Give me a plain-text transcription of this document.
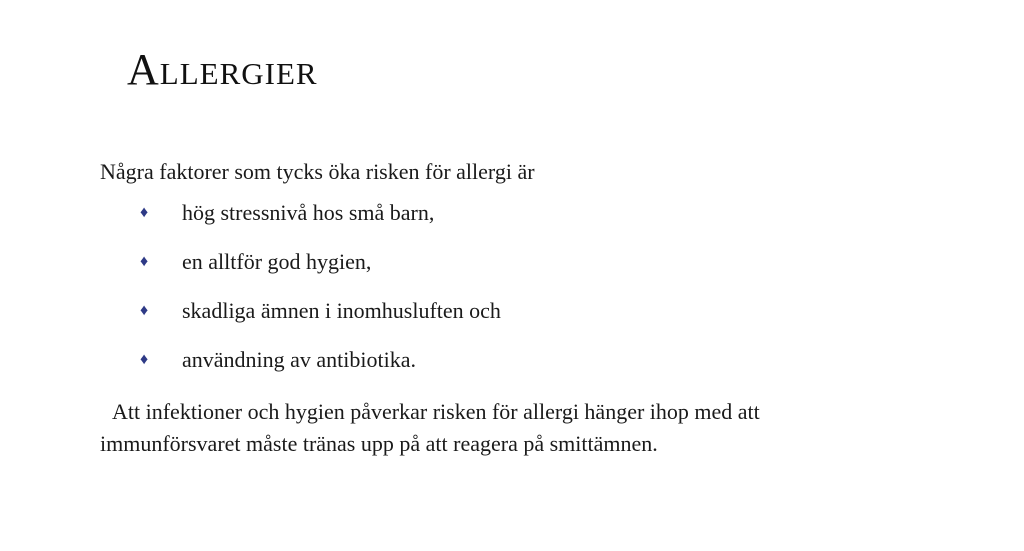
Allergier
Några faktorer som tycks öka risken för allergi är
♦	hög stressnivå hos små barn,
♦	en alltför god hygien,
♦	skadliga ämnen i inomhusluften och
♦	användning av antibiotika.
Att infektioner och hygien påverkar risken för allergi hänger ihop med att immunförsvaret måste tränas upp på att reagera på smittämnen.
